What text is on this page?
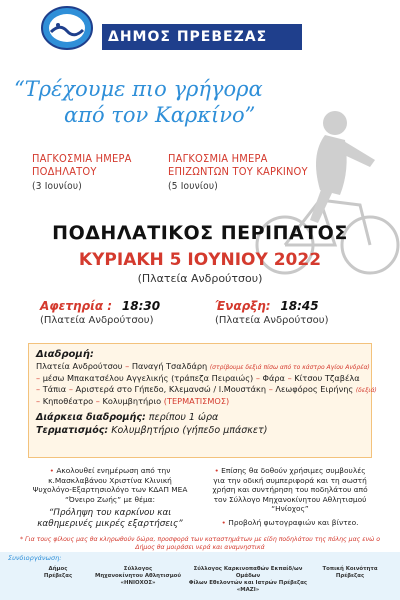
ΔΗΜΟΣ ΠΡΕΒΕΖΑΣ
“Τρέχουμε πιο γρήγορα
από τον Καρκίνο”
ΠΑΓΚΟΣΜΙΑ ΗΜΕΡΑ
ΠΟΔΗΛΑΤΟΥ
(3 Ιουνίου)
ΠΑΓΚΟΣΜΙΑ ΗΜΕΡΑ
ΕΠΙΖΩΝΤΩΝ ΤΟΥ ΚΑΡΚΙΝΟΥ
(5 Ιουνίου)
ΠΟΔΗΛΑΤΙΚΟΣ ΠΕΡΙΠΑΤΟΣ
ΚΥΡΙΑΚΗ 5 ΙΟΥΝΙΟΥ 2022
(Πλατεία Ανδρούτσου)
Αφετηρία : 18:30
(Πλατεία Ανδρούτσου)
Έναρξη: 18:45
(Πλατεία Ανδρούτσου)
Διαδρομή:
Πλατεία Ανδρούτσου – Παναγή Τσαλδάρη (στρίβουμε δεξιά πίσω από το κάστρο Αγίου Ανδρέα)
– μέσω Μπακατσέλου Αγγελικής (τράπεζα Πειραιώς) – Φάρα – Κίτσου Τζαβέλα
– Τάπια – Αριστερά στο Γήπεδο, Κλεμανσώ / Ι.Μουστάκη – Λεωφόρος Ειρήνης (δεξιά)
– Κηποθέατρο – Κολυμβητήριο (ΤΕΡΜΑΤΙΣΜΟΣ)
Διάρκεια διαδρομής: περίπου 1 ώρα
Τερματισμός: Κολυμβητήριο (γήπεδο μπάσκετ)
• Ακολουθεί ενημέρωση από την κ.Μασκλαβάνου Χριστίνα Κλινική Ψυχολόγο-Εξαρτησιολόγο των ΚΔΑΠ ΜΕΑ “Όνειρο Ζωής” με θέμα:
“Πρόληψη του καρκίνου και καθημερινές μικρές εξαρτήσεις”
• Επίσης θα δοθούν χρήσιμες συμβουλές για την οδική συμπεριφορά και τη σωστή χρήση και συντήρηση του ποδηλάτου από τον Σύλλογο Μηχανοκίνητου Αθλητισμού “Ηνίοχος”
• Προβολή φωτογραφιών και βίντεο.
* Για τους φίλους μας θα κληρωθούν δώρα, προσφορά των καταστημάτων με είδη ποδηλάτου της πόλης μας ενώ ο Δήμος θα μοιράσει νερά και αναμνηστικά
Συνδιοργάνωση:
Δήμος
Πρέβεζας
Σύλλογος
Μηχανοκίνητου Αθλητισμού
«ΗΝΙΟΧΟΣ»
Σύλλογος Καρκινοπαθών Εκπαίδ/ων Ομάδων
Φίλων Εθελοντών και Ιατρών Πρέβεζας
«ΜΑΖΙ»
Τοπική Κοινότητα
Πρέβεζας
